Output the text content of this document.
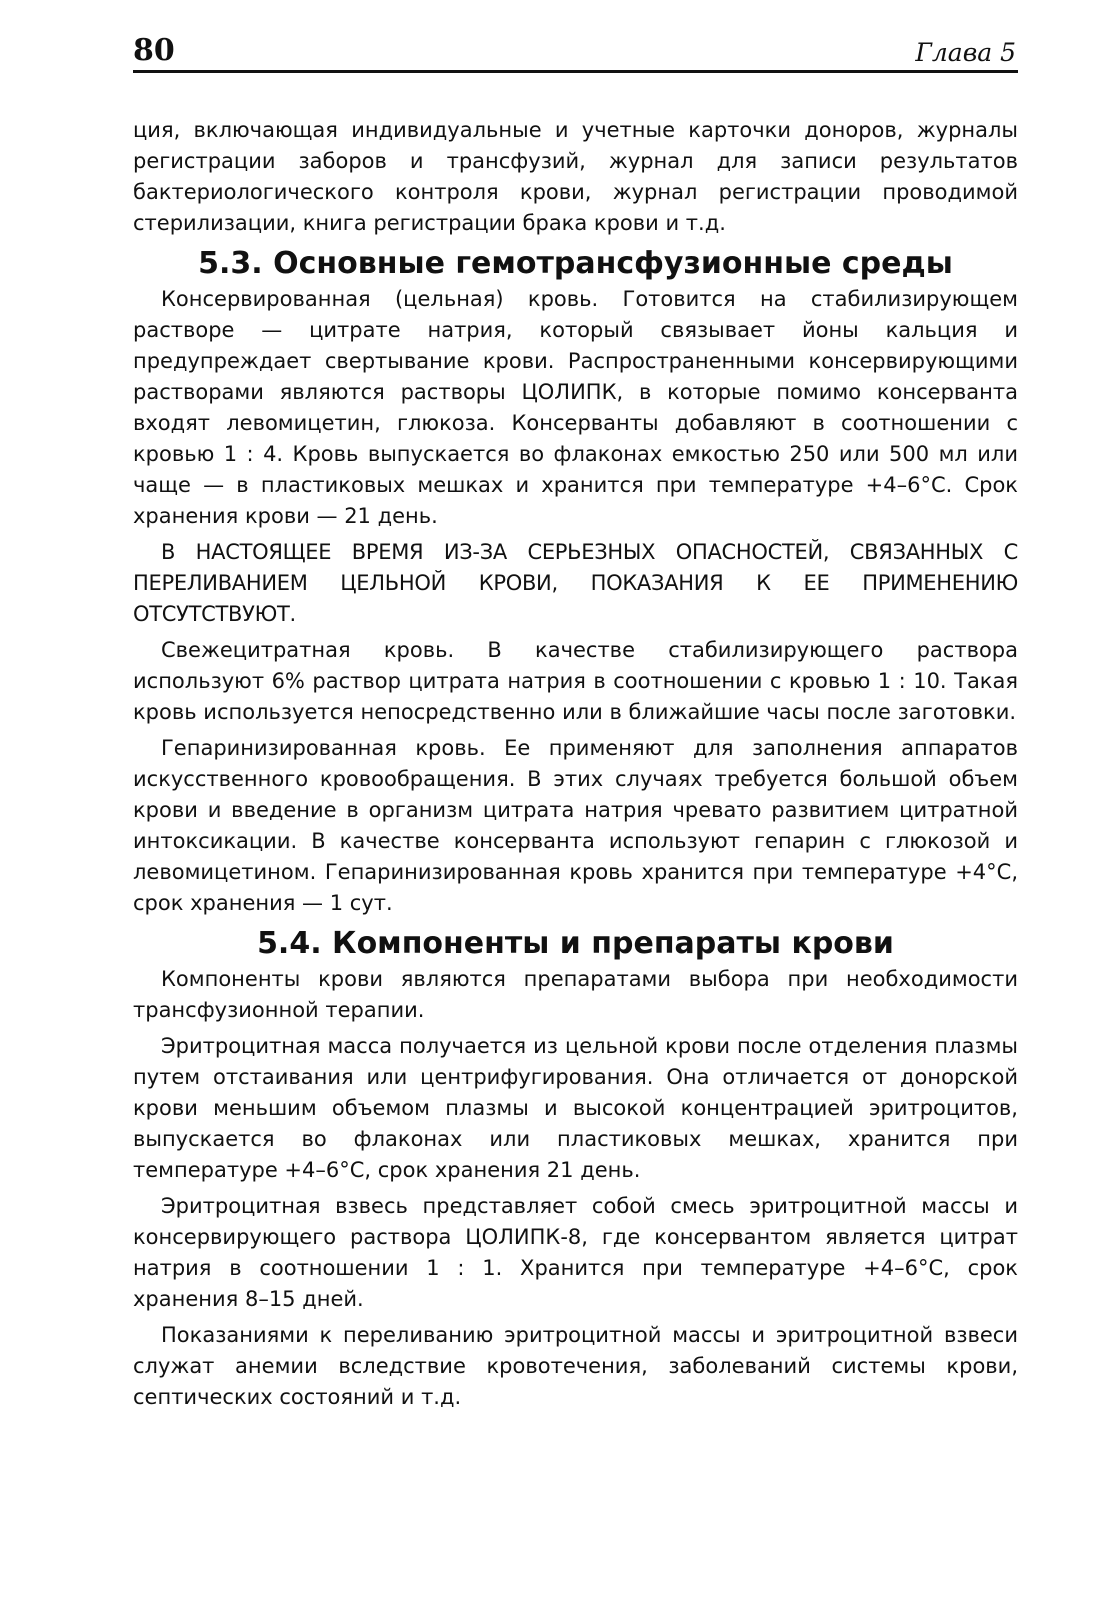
80	Глава 5

ция, включающая индивидуальные и учетные карточки доноров, журналы регистрации заборов и трансфузий, журнал для записи результатов бактериологического контроля крови, журнал регистрации проводимой стерилизации, книга регистрации брака крови и т.д.

5.3. Основные гемотрансфузионные среды

Консервированная (цельная) кровь. Готовится на стабилизирующем растворе — цитрате натрия, который связывает йоны кальция и предупреждает свертывание крови. Распространенными консервирующими растворами являются растворы ЦОЛИПК, в которые помимо консерванта входят левомицетин, глюкоза. Консерванты добавляют в соотношении с кровью 1 : 4. Кровь выпускается во флаконах емкостью 250 или 500 мл или чаще — в пластиковых мешках и хранится при температуре +4–6°C. Срок хранения крови — 21 день.

В НАСТОЯЩЕЕ ВРЕМЯ ИЗ-ЗА СЕРЬЕЗНЫХ ОПАСНОСТЕЙ, СВЯЗАННЫХ С ПЕРЕЛИВАНИЕМ ЦЕЛЬНОЙ КРОВИ, ПОКАЗАНИЯ К ЕЕ ПРИМЕНЕНИЮ ОТСУТСТВУЮТ.

Свежецитратная кровь. В качестве стабилизирующего раствора используют 6% раствор цитрата натрия в соотношении с кровью 1 : 10. Такая кровь используется непосредственно или в ближайшие часы после заготовки.

Гепаринизированная кровь. Ее применяют для заполнения аппаратов искусственного кровообращения. В этих случаях требуется большой объем крови и введение в организм цитрата натрия чревато развитием цитратной интоксикации. В качестве консерванта используют гепарин с глюкозой и левомицетином. Гепаринизированная кровь хранится при температуре +4°C, срок хранения — 1 сут.

5.4. Компоненты и препараты крови

Компоненты крови являются препаратами выбора при необходимости трансфузионной терапии.

Эритроцитная масса получается из цельной крови после отделения плазмы путем отстаивания или центрифугирования. Она отличается от донорской крови меньшим объемом плазмы и высокой концентрацией эритроцитов, выпускается во флаконах или пластиковых мешках, хранится при температуре +4–6°C, срок хранения 21 день.

Эритроцитная взвесь представляет собой смесь эритроцитной массы и консервирующего раствора ЦОЛИПК-8, где консервантом является цитрат натрия в соотношении 1 : 1. Хранится при температуре +4–6°C, срок хранения 8–15 дней.

Показаниями к переливанию эритроцитной массы и эритроцитной взвеси служат анемии вследствие кровотечения, заболеваний системы крови, септических состояний и т.д.
